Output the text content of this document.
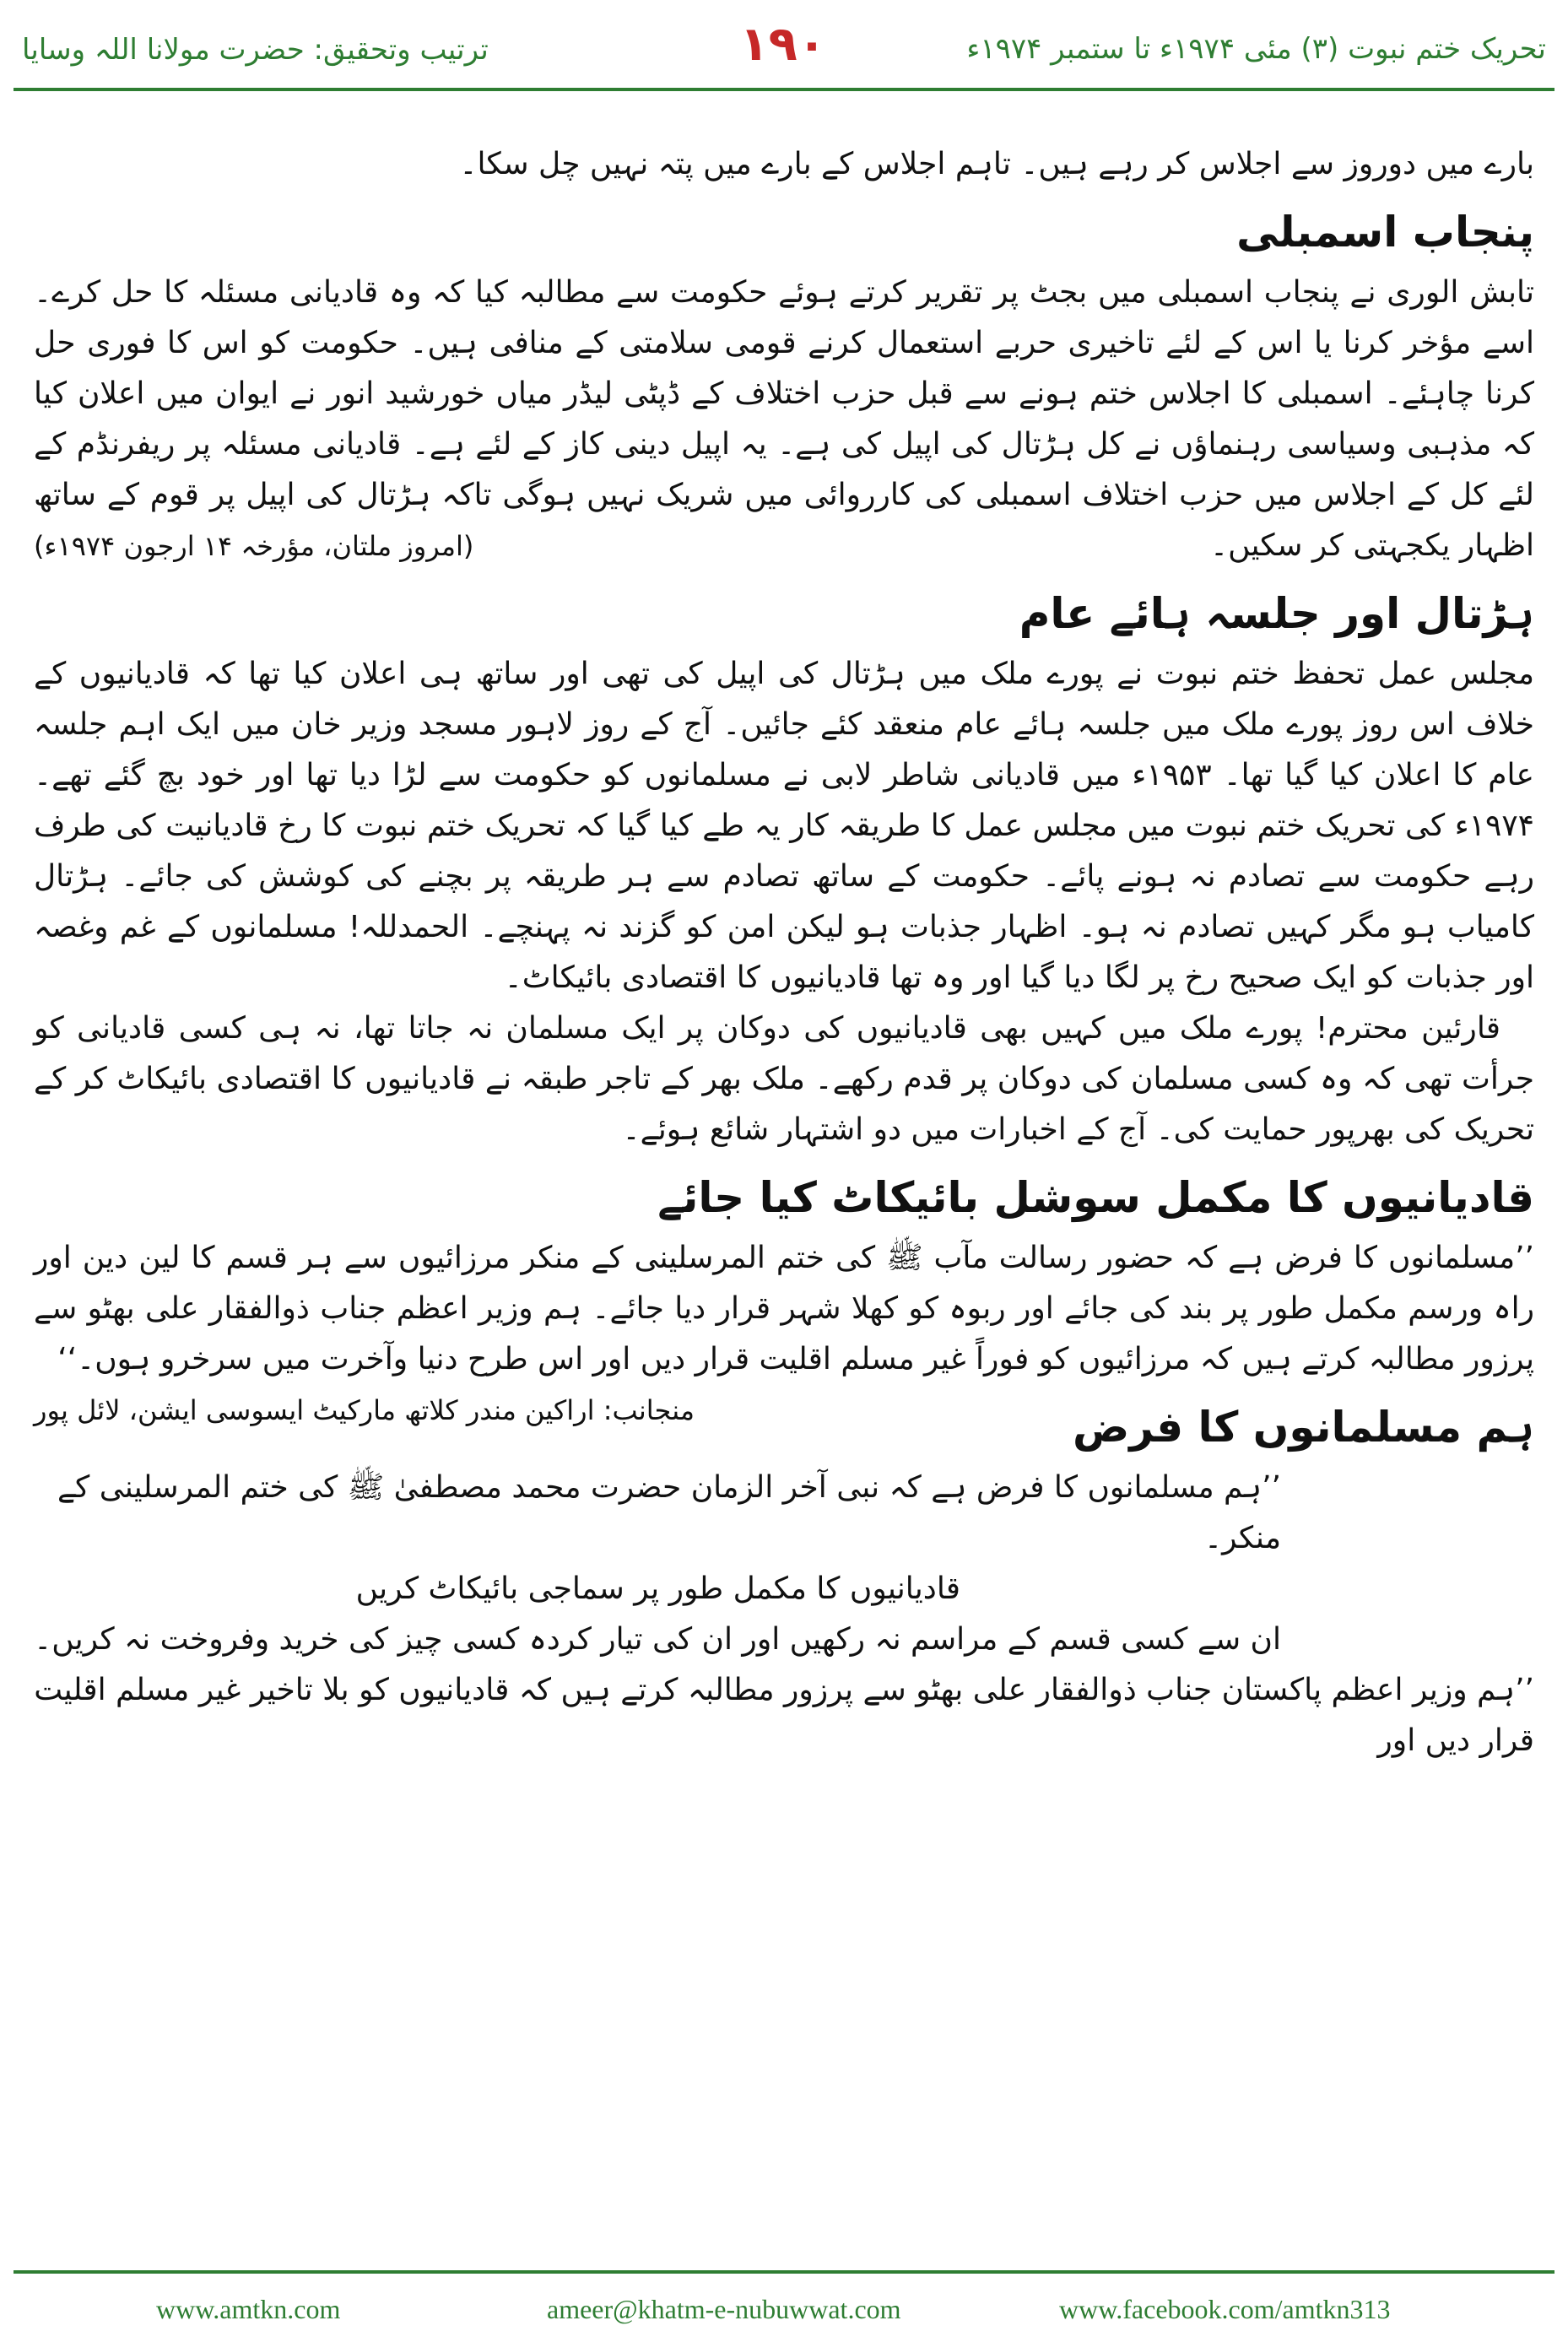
ترتیب وتحقیق: حضرت مولانا اللہ وسایا	١٩٠	تحریک ختم نبوت (۳) مئی ۱۹۷۴ء تا ستمبر ۱۹۷۴ء

بارے میں دوروز سے اجلاس کر رہے ہیں۔ تاہم اجلاس کے بارے میں پتہ نہیں چل سکا۔

پنجاب اسمبلی

تابش الوری نے پنجاب اسمبلی میں بجٹ پر تقریر کرتے ہوئے حکومت سے مطالبہ کیا کہ وہ قادیانی مسئلہ کا حل کرے۔ اسے مؤخر کرنا یا اس کے لئے تاخیری حربے استعمال کرنے قومی سلامتی کے منافی ہیں۔ حکومت کو اس کا فوری حل کرنا چاہئے۔ اسمبلی کا اجلاس ختم ہونے سے قبل حزب اختلاف کے ڈپٹی لیڈر میاں خورشید انور نے ایوان میں اعلان کیا کہ مذہبی وسیاسی رہنماؤں نے کل ہڑتال کی اپیل کی ہے۔ یہ اپیل دینی کاز کے لئے ہے۔ قادیانی مسئلہ پر ریفرنڈم کے لئے کل کے اجلاس میں حزب اختلاف اسمبلی کی کارروائی میں شریک نہیں ہوگی تاکہ ہڑتال کی اپیل پر قوم کے ساتھ اظہار یکجہتی کر سکیں۔
(امروز ملتان، مؤرخہ ۱۴ ارجون ۱۹۷۴ء)

ہڑتال اور جلسہ ہائے عام

مجلس عمل تحفظ ختم نبوت نے پورے ملک میں ہڑتال کی اپیل کی تھی اور ساتھ ہی اعلان کیا تھا کہ قادیانیوں کے خلاف اس روز پورے ملک میں جلسہ ہائے عام منعقد کئے جائیں۔ آج کے روز لاہور مسجد وزیر خان میں ایک اہم جلسہ عام کا اعلان کیا گیا تھا۔ ۱۹۵۳ء میں قادیانی شاطر لابی نے مسلمانوں کو حکومت سے لڑا دیا تھا اور خود بچ گئے تھے۔ ۱۹۷۴ء کی تحریک ختم نبوت میں مجلس عمل کا طریقہ کار یہ طے کیا گیا کہ تحریک ختم نبوت کا رخ قادیانیت کی طرف رہے حکومت سے تصادم نہ ہونے پائے۔ حکومت کے ساتھ تصادم سے ہر طریقہ پر بچنے کی کوشش کی جائے۔ ہڑتال کامیاب ہو مگر کہیں تصادم نہ ہو۔ اظہار جذبات ہو لیکن امن کو گزند نہ پہنچے۔ الحمدللہ! مسلمانوں کے غم وغصہ اور جذبات کو ایک صحیح رخ پر لگا دیا گیا اور وہ تھا قادیانیوں کا اقتصادی بائیکاٹ۔

قارئین محترم! پورے ملک میں کہیں بھی قادیانیوں کی دوکان پر ایک مسلمان نہ جاتا تھا، نہ ہی کسی قادیانی کو جرأت تھی کہ وہ کسی مسلمان کی دوکان پر قدم رکھے۔ ملک بھر کے تاجر طبقہ نے قادیانیوں کا اقتصادی بائیکاٹ کر کے تحریک کی بھرپور حمایت کی۔ آج کے اخبارات میں دو اشتہار شائع ہوئے۔

قادیانیوں کا مکمل سوشل بائیکاٹ کیا جائے

’’مسلمانوں کا فرض ہے کہ حضور رسالت مآب ﷺ کی ختم المرسلینی کے منکر مرزائیوں سے ہر قسم کا لین دین اور راہ ورسم مکمل طور پر بند کی جائے اور ربوہ کو کھلا شہر قرار دیا جائے۔ ہم وزیر اعظم جناب ذوالفقار علی بھٹو سے پرزور مطالبہ کرتے ہیں کہ مرزائیوں کو فوراً غیر مسلم اقلیت قرار دیں اور اس طرح دنیا وآخرت میں سرخرو ہوں۔‘‘
منجانب: اراکین مندر کلاتھ مارکیٹ ایسوسی ایشن، لائل پور	ہم مسلمانوں کا فرض

’’ہم مسلمانوں کا فرض ہے کہ نبی آخر الزمان حضرت محمد مصطفیٰ ﷺ کی ختم المرسلینی کے منکر۔

قادیانیوں کا مکمل طور پر سماجی بائیکاٹ کریں

ان سے کسی قسم کے مراسم نہ رکھیں اور ان کی تیار کردہ کسی چیز کی خرید وفروخت نہ کریں۔

’’ہم وزیر اعظم پاکستان جناب ذوالفقار علی بھٹو سے پرزور مطالبہ کرتے ہیں کہ قادیانیوں کو بلا تاخیر غیر مسلم اقلیت قرار دیں اور

www.amtkn.com	ameer@khatm-e-nubuwwat.com	www.facebook.com/amtkn313
